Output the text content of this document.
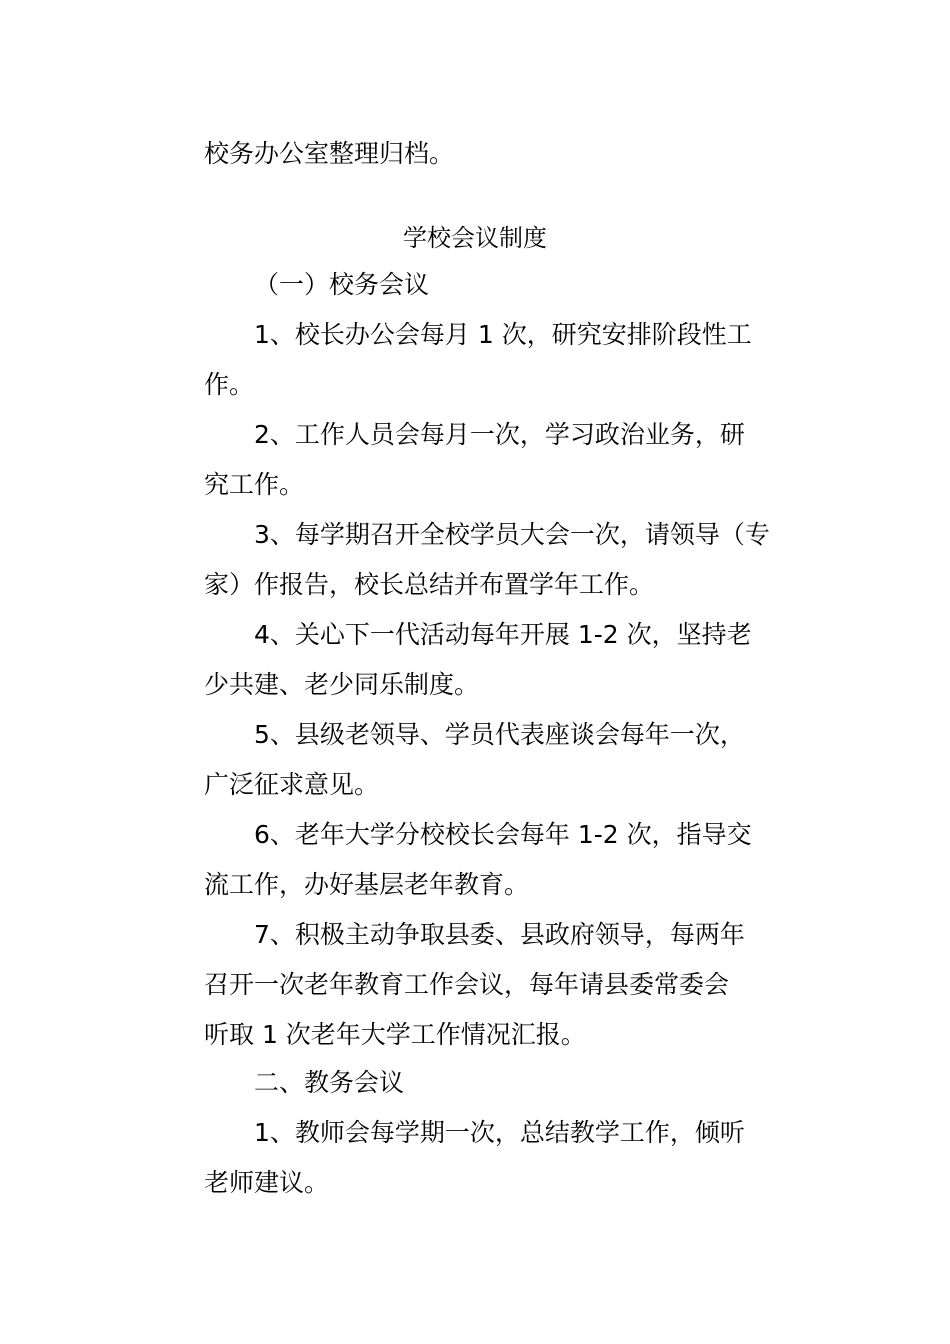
校务办公室整理归档。
学校会议制度
（一）校务会议
1、校长办公会每月 1 次，研究安排阶段性工
作。
2、工作人员会每月一次，学习政治业务，研
究工作。
3、每学期召开全校学员大会一次，请领导（专
家）作报告，校长总结并布置学年工作。
4、关心下一代活动每年开展 1-2 次，坚持老
少共建、老少同乐制度。
5、县级老领导、学员代表座谈会每年一次，
广泛征求意见。
6、老年大学分校校长会每年 1-2 次，指导交
流工作，办好基层老年教育。
7、积极主动争取县委、县政府领导，每两年
召开一次老年教育工作会议，每年请县委常委会
听取 1 次老年大学工作情况汇报。
二、教务会议
1、教师会每学期一次，总结教学工作，倾听
老师建议。
